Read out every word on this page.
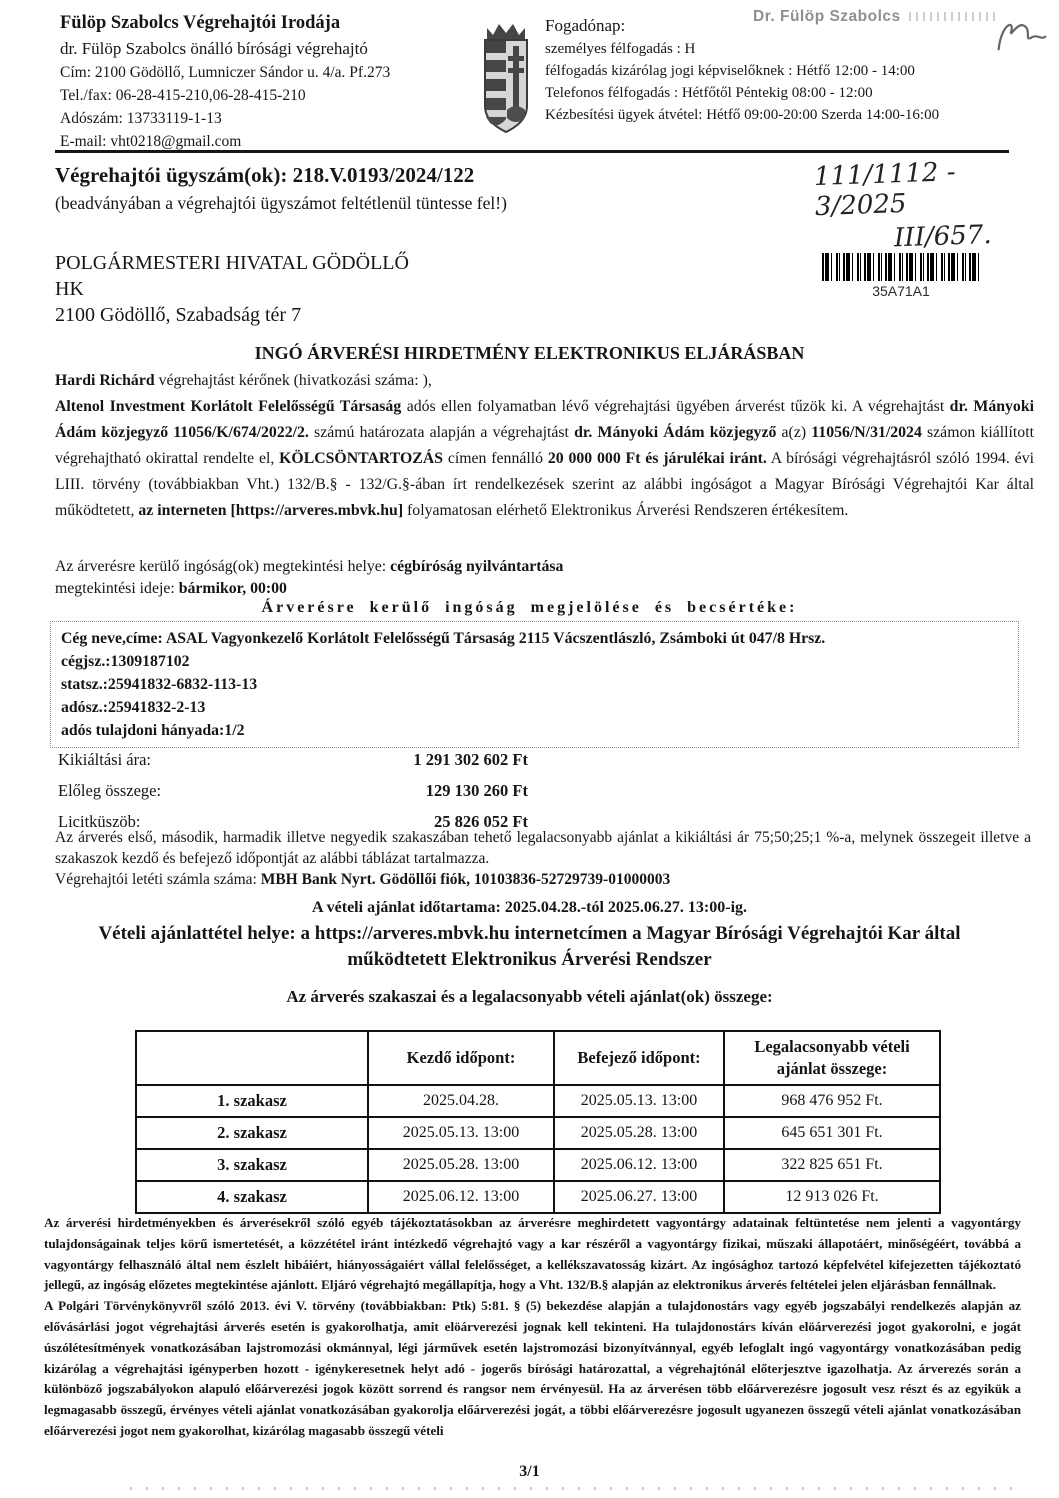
Fülöp Szabolcs Végrehajtói Irodája
dr. Fülöp Szabolcs önálló bírósági végrehajtó
Cím: 2100 Gödöllő, Lumniczer Sándor u. 4/a. Pf.273
Tel./fax: 06-28-415-210,06-28-415-210
Adószám: 13733119-1-13
E-mail: vht0218@gmail.com
Fogadónap:
személyes félfogadás : H
félfogadás kizárólag jogi képviselőknek : Hétfő 12:00 - 14:00
Telefonos félfogadás : Hétfőtől Péntekig 08:00 - 12:00
Kézbesítési ügyek átvétel: Hétfő 09:00-20:00 Szerda 14:00-16:00
Dr. Fülöp Szabolcs
Végrehajtói ügyszám(ok): 218.V.0193/2024/122
(beadványában a végrehajtói ügyszámot feltétlenül tüntesse fel!)
111/1112 - 3/2025
III/657.
POLGÁRMESTERI HIVATAL GÖDÖLLŐ
HK
2100 Gödöllő, Szabadság tér 7
35A71A1
INGÓ ÁRVERÉSI HIRDETMÉNY ELEKTRONIKUS ELJÁRÁSBAN
Hardi Richárd végrehajtást kérőnek (hivatkozási száma: ),
Altenol Investment Korlátolt Felelősségű Társaság adós ellen folyamatban lévő végrehajtási ügyében árverést tűzök ki. A végrehajtást dr. Mányoki Ádám közjegyző 11056/K/674/2022/2. számú határozata alapján a végrehajtást dr. Mányoki Ádám közjegyző a(z) 11056/N/31/2024 számon kiállított végrehajtható okirattal rendelte el, KÖLCSÖNTARTOZÁS címen fennálló 20 000 000 Ft és járulékai iránt. A bírósági végrehajtásról szóló 1994. évi LIII. törvény (továbbiakban Vht.) 132/B.§ - 132/G.§-ában írt rendelkezések szerint az alábbi ingóságot a Magyar Bírósági Végrehajtói Kar által működtetett, az interneten [https://arveres.mbvk.hu] folyamatosan elérhető Elektronikus Árverési Rendszeren értékesítem.
Az árverésre kerülő ingóság(ok) megtekintési helye: cégbíróság nyilvántartása
megtekintési ideje: bármikor, 00:00
Árverésre kerülő ingóság megjelölése és becsértéke:
Cég neve,címe: ASAL Vagyonkezelő Korlátolt Felelősségű Társaság 2115 Vácszentlászló, Zsámboki út 047/8 Hrsz.
cégjsz.:1309187102
statsz.:25941832-6832-113-13
adósz.:25941832-2-13
adós tulajdoni hányada:1/2
Kikiáltási ára:	1 291 302 602 Ft
Előleg összege:	129 130 260 Ft
Licitküszöb:	25 826 052 Ft
Az árverés első, második, harmadik illetve negyedik szakaszában tehető legalacsonyabb ajánlat a kikiáltási ár 75;50;25;1 %-a, melynek összegeit illetve a szakaszok kezdő és befejező időpontját az alábbi táblázat tartalmazza.
Végrehajtói letéti számla száma: MBH Bank Nyrt. Gödöllői fiók, 10103836-52729739-01000003
A vételi ajánlat időtartama: 2025.04.28.-tól 2025.06.27. 13:00-ig.
Vételi ajánlattétel helye: a https://arveres.mbvk.hu internetcímen a Magyar Bírósági Végrehajtói Kar által működtetett Elektronikus Árverési Rendszer
Az árverés szakaszai és a legalacsonyabb vételi ajánlat(ok) összege:
	Kezdő időpont:	Befejező időpont:	Legalacsonyabb vételi ajánlat összege:
1. szakasz	2025.04.28.	2025.05.13. 13:00	968 476 952 Ft.
2. szakasz	2025.05.13. 13:00	2025.05.28. 13:00	645 651 301 Ft.
3. szakasz	2025.05.28. 13:00	2025.06.12. 13:00	322 825 651 Ft.
4. szakasz	2025.06.12. 13:00	2025.06.27. 13:00	12 913 026 Ft.

Az árverési hirdetményekben és árverésekről szóló egyéb tájékoztatásokban az árverésre meghirdetett vagyontárgy adatainak feltüntetése nem jelenti a vagyontárgy tulajdonságainak teljes körű ismertetését, a közzététel iránt intézkedő végrehajtó vagy a kar részéről a vagyontárgy fizikai, műszaki állapotáért, minőségéért, továbbá a vagyontárgy felhasználó által nem észlelt hibáiért, hiányosságaiért vállal felelősséget, a kellékszavatosság kizárt. Az ingósághoz tartozó képfelvétel kifejezetten tájékoztató jellegű, az ingóság előzetes megtekintése ajánlott. Eljáró végrehajtó megállapítja, hogy a Vht. 132/B.§ alapján az elektronikus árverés feltételei jelen eljárásban fennállnak.

A Polgári Törvénykönyvről szóló 2013. évi V. törvény (továbbiakban: Ptk) 5:81. § (5) bekezdése alapján a tulajdonostárs vagy egyéb jogszabályi rendelkezés alapján az elővásárlási jogot végrehajtási árverés esetén is gyakorolhatja, amit elöárverezési jognak kell tekinteni. Ha tulajdonostárs kíván elöárverezési jogot gyakorolni, e jogát úszólétesítmények vonatkozásában lajstromozási okmánnyal, légi járművek esetén lajstromozási bizonyítvánnyal, egyéb lefoglalt ingó vagyontárgy vonatkozásában pedig kizárólag a végrehajtási igényperben hozott - igénykeresetnek helyt adó - jogerős bírósági határozattal, a végrehajtónál előterjesztve igazolhatja. Az árverezés során a különböző jogszabályokon alapuló előárverezési jogok között sorrend és rangsor nem érvényesül. Ha az árverésen több előárverezésre jogosult vesz részt és az egyikük a legmagasabb összegű, érvényes vételi ajánlat vonatkozásában gyakorolja előárverezési jogát, a többi előárverezésre jogosult ugyanezen összegű vételi ajánlat vonatkozásában előárverezési jogot nem gyakorolhat, kizárólag magasabb összegű vételi

3/1
